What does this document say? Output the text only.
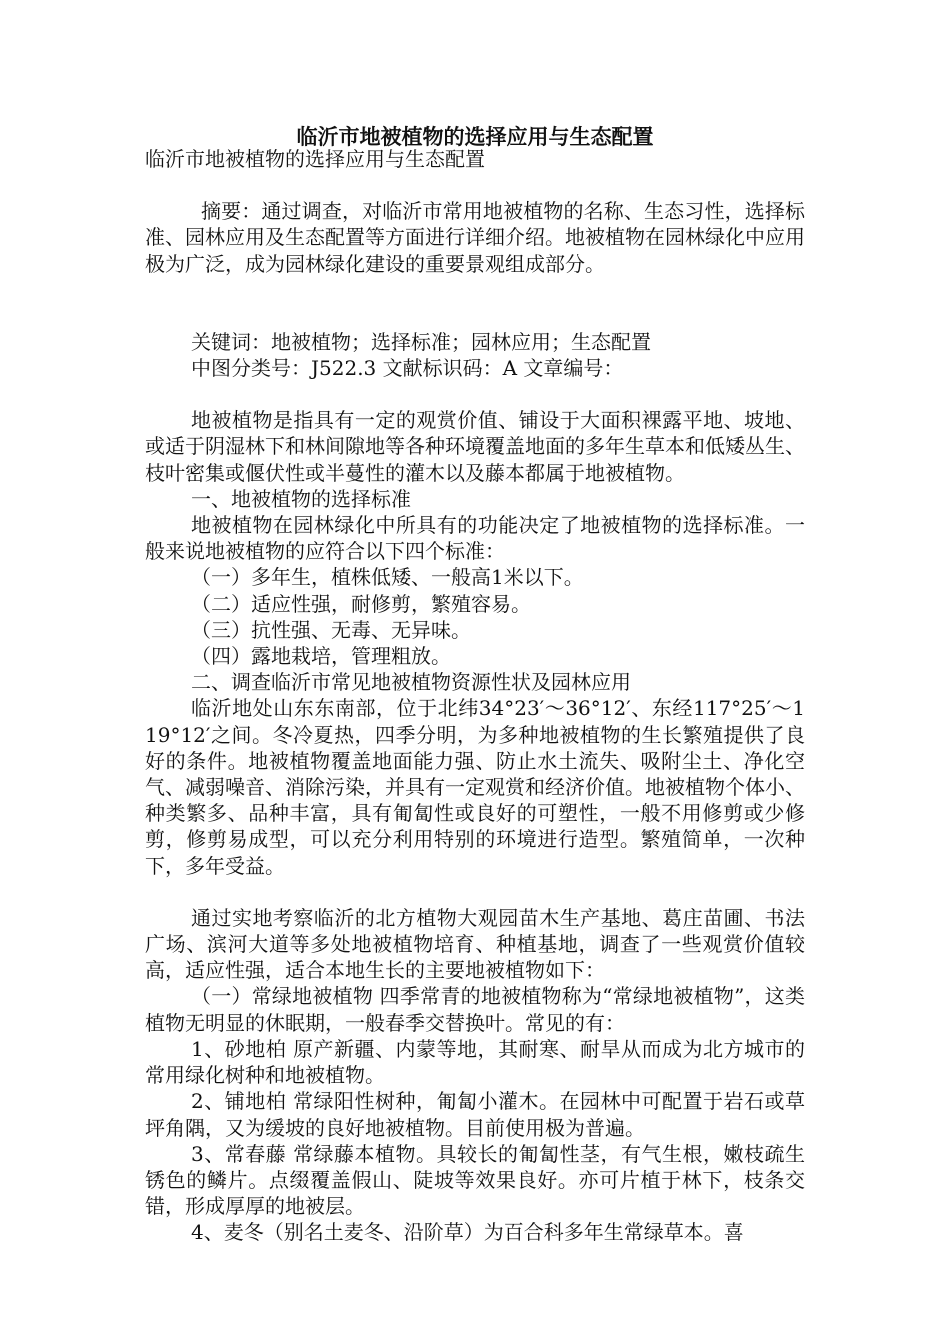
临沂市地被植物的选择应用与生态配置

临沂市地被植物的选择应用与生态配置

摘要：通过调查，对临沂市常用地被植物的名称、生态习性，选择标准、园林应用及生态配置等方面进行详细介绍。地被植物在园林绿化中应用极为广泛，成为园林绿化建设的重要景观组成部分。

关键词：地被植物；选择标准；园林应用；生态配置

中图分类号：J522.3 文献标识码：A 文章编号：

地被植物是指具有一定的观赏价值、铺设于大面积裸露平地、坡地、或适于阴湿林下和林间隙地等各种环境覆盖地面的多年生草本和低矮丛生、枝叶密集或偃伏性或半蔓性的灌木以及藤本都属于地被植物。

一、地被植物的选择标准

地被植物在园林绿化中所具有的功能决定了地被植物的选择标准。一般来说地被植物的应符合以下四个标准：

（一）多年生，植株低矮、一般高1米以下。

（二）适应性强，耐修剪，繁殖容易。

（三）抗性强、无毒、无异味。

（四）露地栽培，管理粗放。

二、调查临沂市常见地被植物资源性状及园林应用

临沂地处山东东南部，位于北纬34°23′～36°12′、东经117°25′～119°12′之间。冬冷夏热，四季分明，为多种地被植物的生长繁殖提供了良好的条件。地被植物覆盖地面能力强、防止水土流失、吸附尘土、净化空气、减弱噪音、消除污染，并具有一定观赏和经济价值。地被植物个体小、种类繁多、品种丰富，具有匍匐性或良好的可塑性，一般不用修剪或少修剪，修剪易成型，可以充分利用特别的环境进行造型。繁殖简单，一次种下，多年受益。

通过实地考察临沂的北方植物大观园苗木生产基地、葛庄苗圃、书法广场、滨河大道等多处地被植物培育、种植基地，调查了一些观赏价值较高，适应性强，适合本地生长的主要地被植物如下：

（一）常绿地被植物 四季常青的地被植物称为“常绿地被植物”，这类植物无明显的休眠期，一般春季交替换叶。常见的有：

1、砂地柏 原产新疆、内蒙等地，其耐寒、耐旱从而成为北方城市的常用绿化树种和地被植物。

2、铺地柏 常绿阳性树种，匍匐小灌木。在园林中可配置于岩石或草坪角隅，又为缓坡的良好地被植物。目前使用极为普遍。

3、常春藤 常绿藤本植物。具较长的匍匐性茎，有气生根，嫩枝疏生锈色的鳞片。点缀覆盖假山、陡坡等效果良好。亦可片植于林下，枝条交错，形成厚厚的地被层。

4、麦冬（别名土麦冬、沿阶草）为百合科多年生常绿草本。喜
